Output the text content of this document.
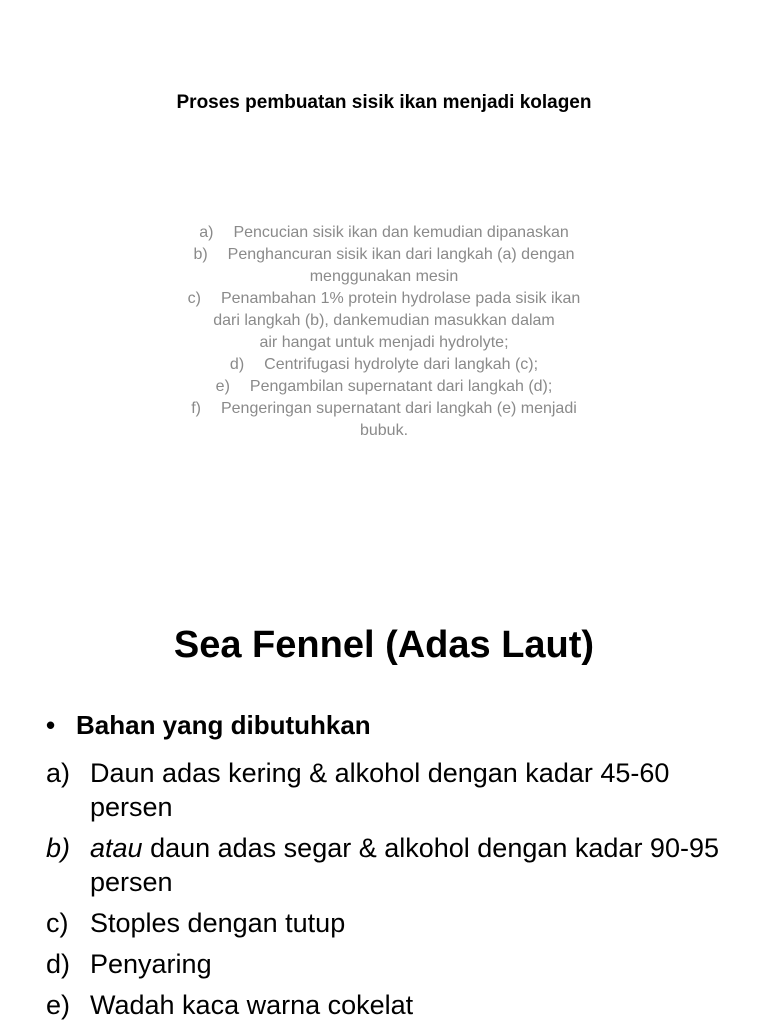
Proses pembuatan sisik ikan menjadi kolagen
a) Pencucian sisik ikan dan kemudian dipanaskan
b) Penghancuran sisik ikan dari langkah (a) dengan
menggunakan mesin
c) Penambahan 1% protein hydrolase pada sisik ikan
dari langkah (b), dankemudian masukkan dalam
air hangat untuk menjadi hydrolyte;
d) Centrifugasi hydrolyte dari langkah (c);
e) Pengambilan supernatant dari langkah (d);
f) Pengeringan supernatant dari langkah (e) menjadi
bubuk.
Sea Fennel (Adas Laut)
• Bahan yang dibutuhkan
a) Daun adas kering & alkohol dengan kadar 45-60 persen
b) atau daun adas segar & alkohol dengan kadar 90-95 persen
c) Stoples dengan tutup
d) Penyaring
e) Wadah kaca warna cokelat
